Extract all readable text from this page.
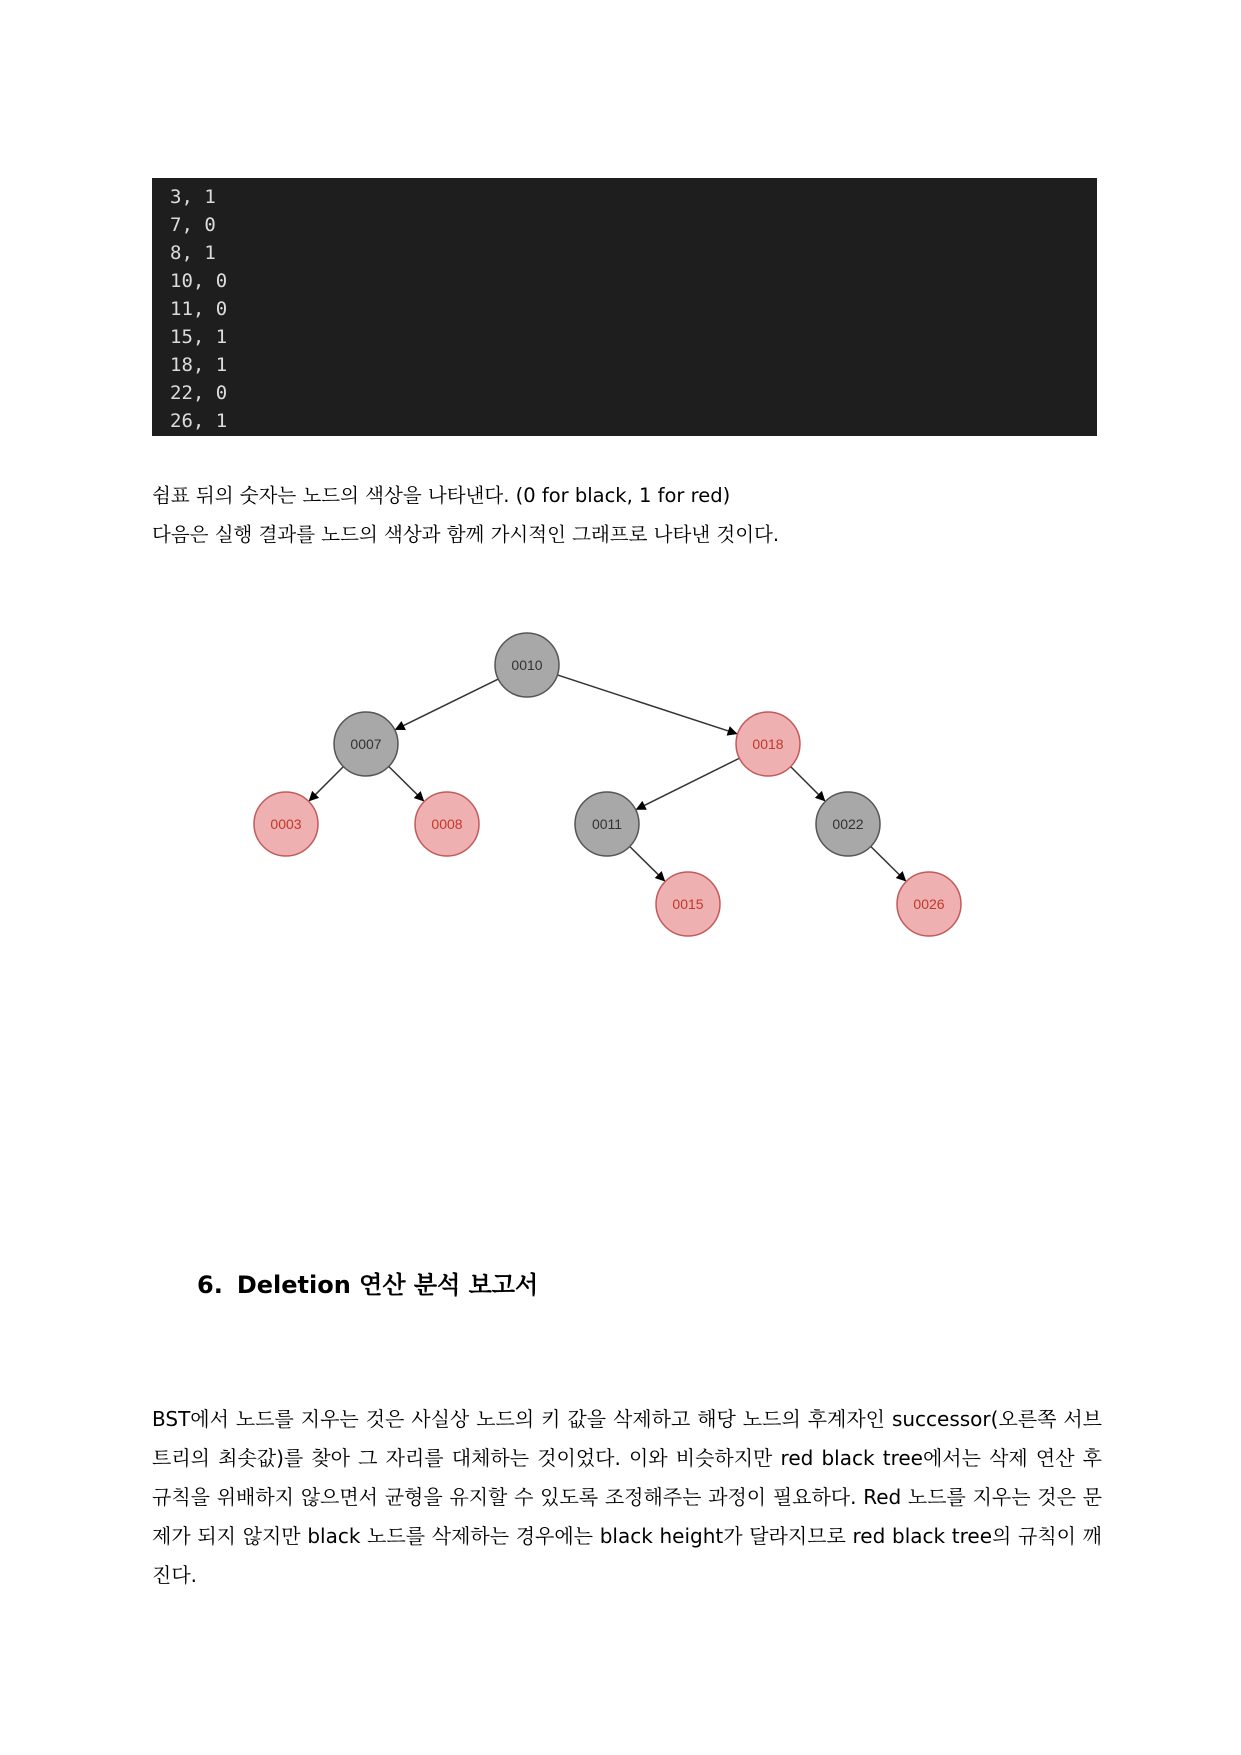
3, 1
7, 0
8, 1
10, 0
11, 0
15, 1
18, 1
22, 0
26, 1
쉼표 뒤의 숫자는 노드의 색상을 나타낸다. (0 for black, 1 for red)
다음은 실행 결과를 노드의 색상과 함께 가시적인 그래프로 나타낸 것이다.
0010
0007	0018
0003	0008	0011	0022
0015	0026
6. Deletion 연산 분석 보고서
BST에서 노드를 지우는 것은 사실상 노드의 키 값을 삭제하고 해당 노드의 후계자인 successor(오른쪽 서브 트리의 최솟값)를 찾아 그 자리를 대체하는 것이었다. 이와 비슷하지만 red black tree에서는 삭제 연산 후 규칙을 위배하지 않으면서 균형을 유지할 수 있도록 조정해주는 과정이 필요하다. Red 노드를 지우는 것은 문제가 되지 않지만 black 노드를 삭제하는 경우에는 black height가 달라지므로 red black tree의 규칙이 깨진다.
